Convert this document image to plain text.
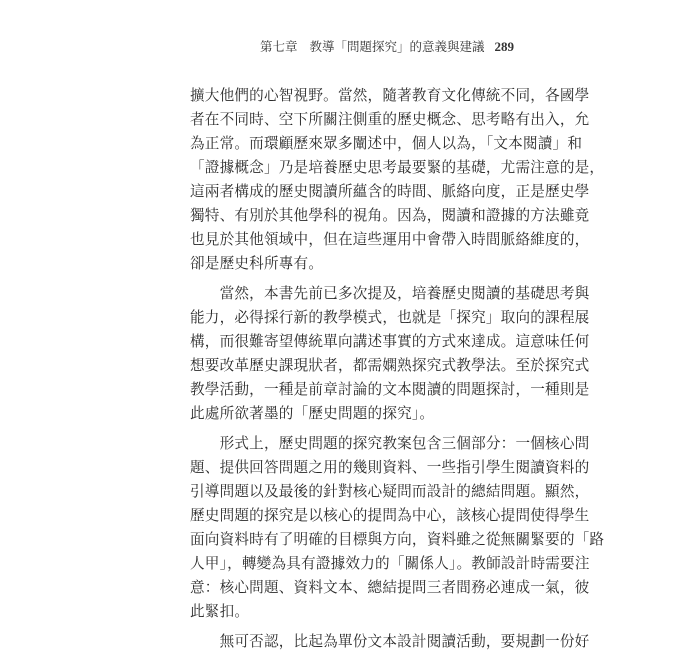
第七章 教導「問題探究」的意義與建議 289
擴大他們的心智視野。當然，隨著教育文化傳統不同，各國學
者在不同時、空下所關注側重的歷史概念、思考略有出入，允
為正常。而環顧歷來眾多闡述中，個人以為，「文本閱讀」和
「證據概念」乃是培養歷史思考最要緊的基礎，尤需注意的是，
這兩者構成的歷史閱讀所蘊含的時間、脈絡向度，正是歷史學
獨特、有別於其他學科的視角。因為，閱讀和證據的方法雖竟
也見於其他領域中，但在這些運用中會帶入時間脈絡維度的，
卻是歷史科所專有。
　　當然，本書先前已多次提及，培養歷史閱讀的基礎思考與
能力，必得採行新的教學模式，也就是「探究」取向的課程展
構，而很難寄望傳統單向講述事實的方式來達成。這意味任何
想要改革歷史課現狀者，都需嫻熟探究式教學法。至於探究式
教學活動，一種是前章討論的文本閱讀的問題探討，一種則是
此處所欲著墨的「歷史問題的探究」。
　　形式上，歷史問題的探究教案包含三個部分：一個核心問
題、提供回答問題之用的幾則資料、一些指引學生閱讀資料的
引導問題以及最後的針對核心疑問而設計的總結問題。顯然，
歷史問題的探究是以核心的提問為中心，該核心提問使得學生
面向資料時有了明確的目標與方向，資料雖之從無關緊要的「路
人甲」，轉變為具有證據效力的「關係人」。教師設計時需要注
意：核心問題、資料文本、總結提問三者間務必連成一氣，彼
此緊扣。
　　無可否認，比起為單份文本設計閱讀活動，要規劃一份好
